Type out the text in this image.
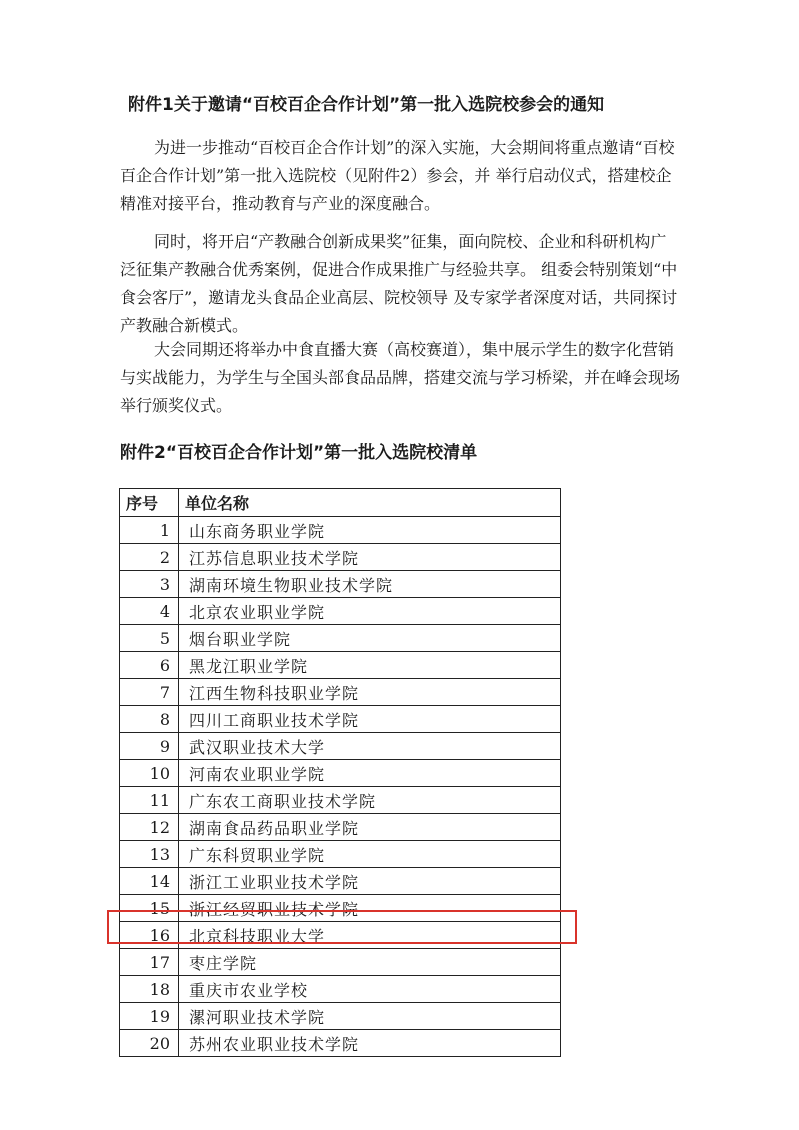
附件1关于邀请“百校百企合作计划”第一批入选院校参会的通知

为进一步推动“百校百企合作计划”的深入实施，大会期间将重点邀请“百校百企合作计划”第一批入选院校（见附件2）参会，并 举行启动仪式，搭建校企精准对接平台，推动教育与产业的深度融合。

同时，将开启“产教融合创新成果奖”征集，面向院校、企业和科研机构广泛征集产教融合优秀案例，促进合作成果推广与经验共享。 组委会特别策划“中食会客厅”，邀请龙头食品企业高层、院校领导 及专家学者深度对话，共同探讨产教融合新模式。

大会同期还将举办中食直播大赛（高校赛道），集中展示学生的数字化营销与实战能力，为学生与全国头部食品品牌，搭建交流与学习桥梁，并在峰会现场举行颁奖仪式。

附件2“百校百企合作计划”第一批入选院校清单
序号	单位名称
1	山东商务职业学院
2	江苏信息职业技术学院
3	湖南环境生物职业技术学院
4	北京农业职业学院
5	烟台职业学院
6	黑龙江职业学院
7	江西生物科技职业学院
8	四川工商职业技术学院
9	武汉职业技术大学
10	河南农业职业学院
11	广东农工商职业技术学院
12	湖南食品药品职业学院
13	广东科贸职业学院
14	浙江工业职业技术学院
15	浙江经贸职业技术学院
16	北京科技职业大学
17	枣庄学院
18	重庆市农业学校
19	漯河职业技术学院
20	苏州农业职业技术学院
